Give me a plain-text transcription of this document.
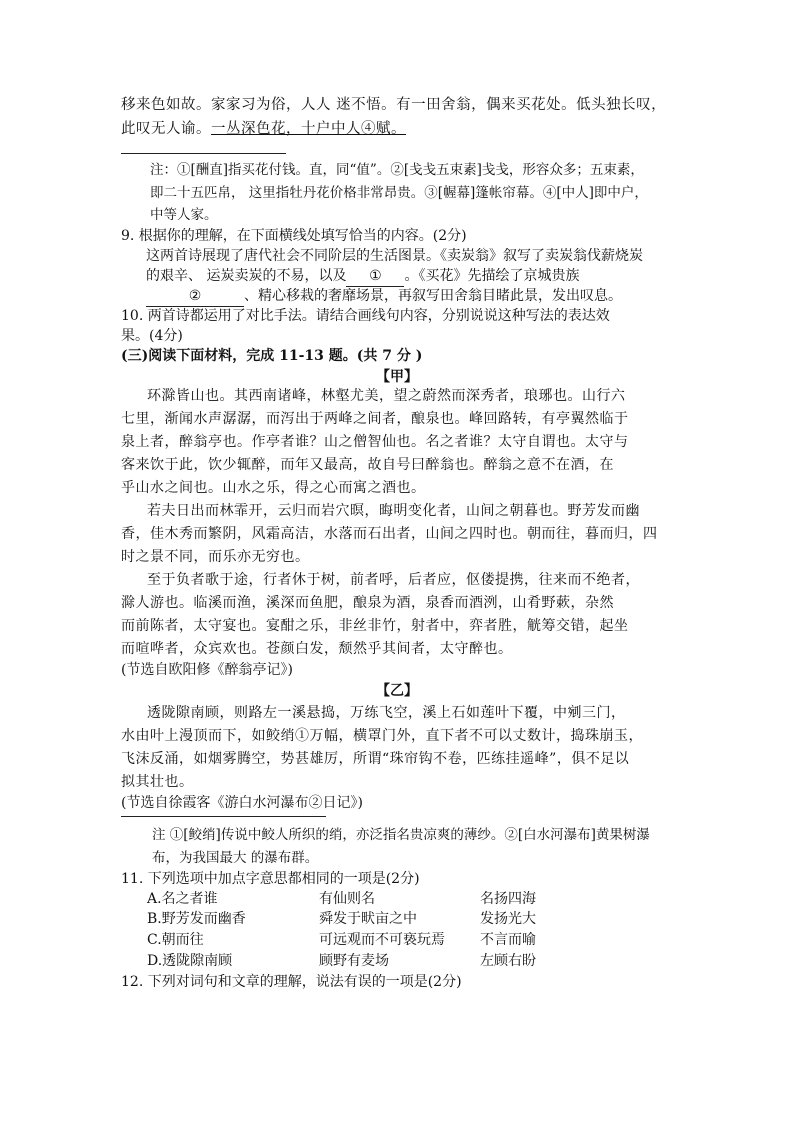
移来色如故。家家习为俗，人人 迷不悟。有一田舍翁，偶来买花处。低头独长叹，
此叹无人谕。一丛深色花，十户中人④赋。
注：①[酬直]指买花付钱。直，同“值”。②[戋戋五束素]戋戋，形容众多；五束素，
即二十五匹帛， 这里指牡丹花价格非常昂贵。③[幄幕]篷帐帘幕。④[中人]即中户，
中等人家。
9. 根据你的理解，在下面横线处填写恰当的内容。(2分)
这两首诗展现了唐代社会不同阶层的生活图景。《卖炭翁》叙写了卖炭翁伐薪烧炭
的艰辛、 运炭卖炭的不易，以及 ① 。《买花》先描绘了京城贵族
②	、精心移栽的奢靡场景，再叙写田舍翁目睹此景，发出叹息。
10. 两首诗都运用了对比手法。请结合画线句内容，分别说说这种写法的表达效
果。(4分)
(三)阅读下面材料，完成 11-13 题。(共 7 分 )
【甲】
环滁皆山也。其西南诸峰，林壑尤美，望之蔚然而深秀者，琅琊也。山行六
七里，渐闻水声潺潺，而泻出于两峰之间者，酿泉也。峰回路转，有亭翼然临于
泉上者，醉翁亭也。作亭者谁？山之僧智仙也。名之者谁？太守自谓也。太守与
客来饮于此，饮少辄醉，而年又最高，故自号曰醉翁也。醉翁之意不在酒，在
乎山水之间也。山水之乐，得之心而寓之酒也。
若夫日出而林霏开，云归而岩穴暝，晦明变化者，山间之朝暮也。野芳发而幽
香，佳木秀而繁阴，风霜高洁，水落而石出者，山间之四时也。朝而往，暮而归，四
时之景不同，而乐亦无穷也。
至于负者歌于途，行者休于树，前者呼，后者应，伛偻提携，往来而不绝者，
滁人游也。临溪而渔，溪深而鱼肥，酿泉为酒，泉香而酒洌，山肴野蔌，杂然
而前陈者，太守宴也。宴酣之乐，非丝非竹，射者中，弈者胜，觥筹交错，起坐
而喧哗者，众宾欢也。苍颜白发，颓然乎其间者，太守醉也。
(节选自欧阳修《醉翁亭记》)
【乙】
透陇隙南顾，则路左一溪悬捣，万练飞空，溪上石如莲叶下覆，中剜三门，
水由叶上漫顶而下，如鲛绡①万幅，横罩门外，直下者不可以丈数计，捣珠崩玉，
飞沫反涌，如烟雾腾空，势甚雄厉，所谓“珠帘钩不卷，匹练挂遥峰”，俱不足以
拟其壮也。
(节选自徐霞客《游白水河瀑布②日记》)
注 ①[鲛绡]传说中鲛人所织的绡，亦泛指名贵凉爽的薄纱。②[白水河瀑布]黄果树瀑
布，为我国最大 的瀑布群。
11. 下列选项中加点字意思都相同的一项是(2分)
A.名之者谁	有仙则名	名扬四海
B.野芳发而幽香	舜发于畎亩之中	发扬光大
C.朝而往	可远观而不可亵玩焉	不言而喻
D.透陇隙南顾	顾野有麦场	左顾右盼
12. 下列对词句和文章的理解，说法有误的一项是(2分)
